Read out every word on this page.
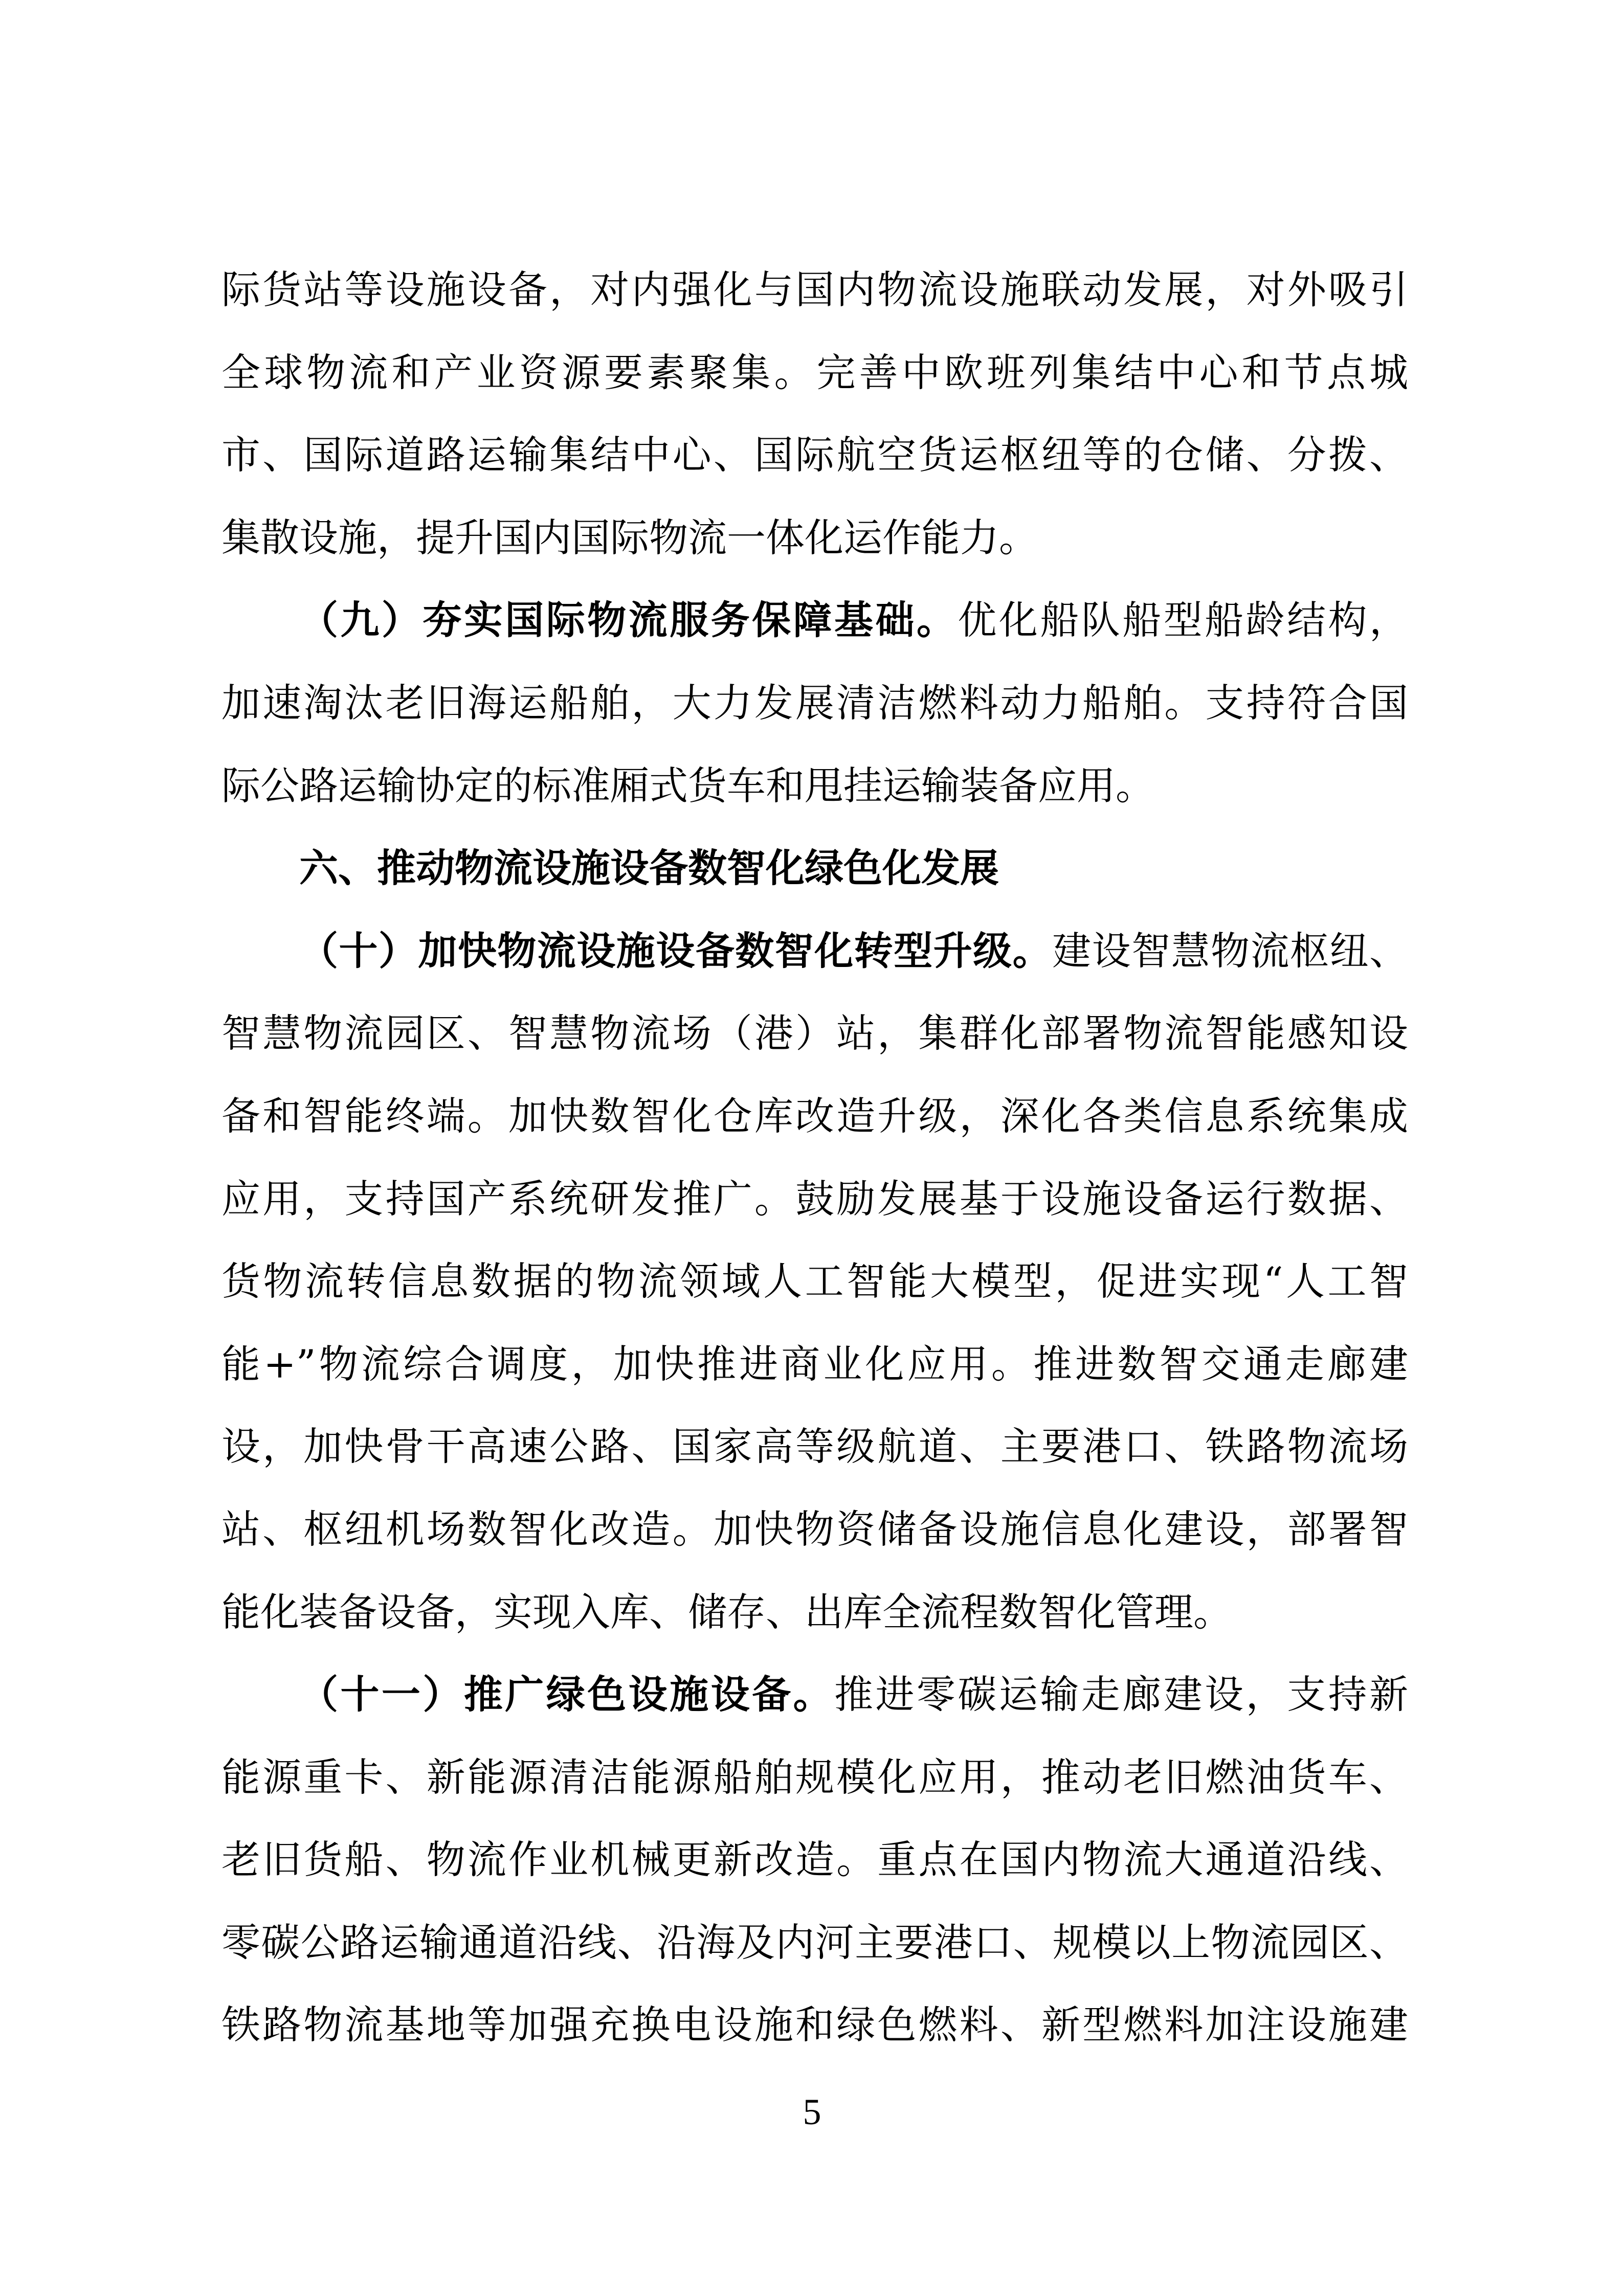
际货站等设施设备，对内强化与国内物流设施联动发展，对外吸引
全球物流和产业资源要素聚集。完善中欧班列集结中心和节点城
市、国际道路运输集结中心、国际航空货运枢纽等的仓储、分拨、
集散设施，提升国内国际物流一体化运作能力。
（九）夯实国际物流服务保障基础。优化船队船型船龄结构，
加速淘汰老旧海运船舶，大力发展清洁燃料动力船舶。支持符合国
际公路运输协定的标准厢式货车和甩挂运输装备应用。
六、推动物流设施设备数智化绿色化发展
（十）加快物流设施设备数智化转型升级。建设智慧物流枢纽、
智慧物流园区、智慧物流场（港）站，集群化部署物流智能感知设
备和智能终端。加快数智化仓库改造升级，深化各类信息系统集成
应用，支持国产系统研发推广。鼓励发展基于设施设备运行数据、
货物流转信息数据的物流领域人工智能大模型，促进实现“人工智
能+”物流综合调度，加快推进商业化应用。推进数智交通走廊建
设，加快骨干高速公路、国家高等级航道、主要港口、铁路物流场
站、枢纽机场数智化改造。加快物资储备设施信息化建设，部署智
能化装备设备，实现入库、储存、出库全流程数智化管理。
（十一）推广绿色设施设备。推进零碳运输走廊建设，支持新
能源重卡、新能源清洁能源船舶规模化应用，推动老旧燃油货车、
老旧货船、物流作业机械更新改造。重点在国内物流大通道沿线、
零碳公路运输通道沿线、沿海及内河主要港口、规模以上物流园区、
铁路物流基地等加强充换电设施和绿色燃料、新型燃料加注设施建
5
